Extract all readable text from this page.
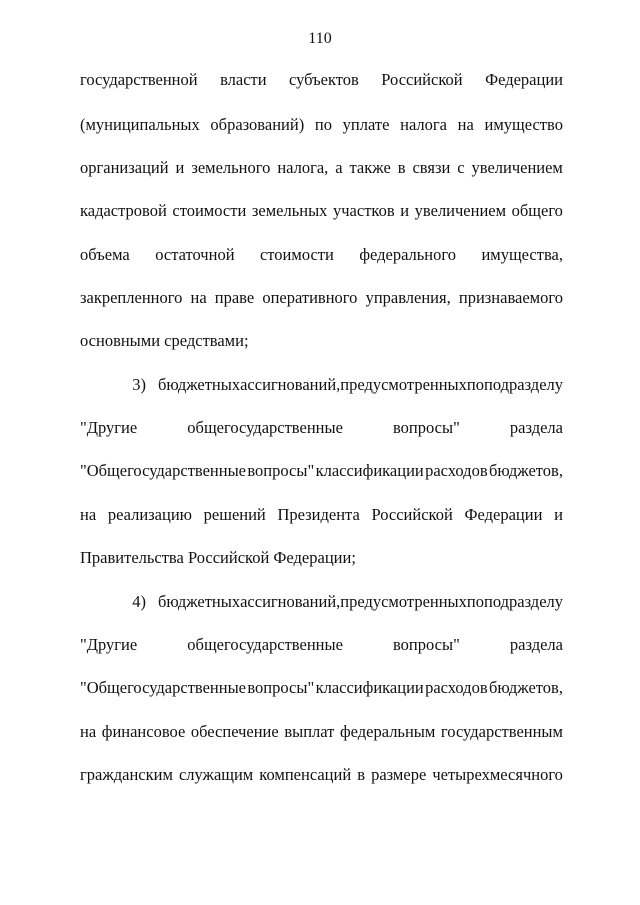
110
государственной власти субъектов Российской Федерации
(муниципальных образований) по уплате налога на имущество
организаций и земельного налога, а также в связи с увеличением
кадастровой стоимости земельных участков и увеличением общего
объема остаточной стоимости федерального имущества,
закрепленного на праве оперативного управления, признаваемого
основными средствами;
3) бюджетных ассигнований, предусмотренных по подразделу
"Другие	общегосударственные	вопросы"	раздела
"Общегосударственные вопросы" классификации расходов бюджетов,
на реализацию решений Президента Российской Федерации и
Правительства Российской Федерации;
4) бюджетных ассигнований, предусмотренных по подразделу
"Другие	общегосударственные	вопросы"	раздела
"Общегосударственные вопросы" классификации расходов бюджетов,
на финансовое обеспечение выплат федеральным государственным
гражданским служащим компенсаций в размере четырехмесячного
